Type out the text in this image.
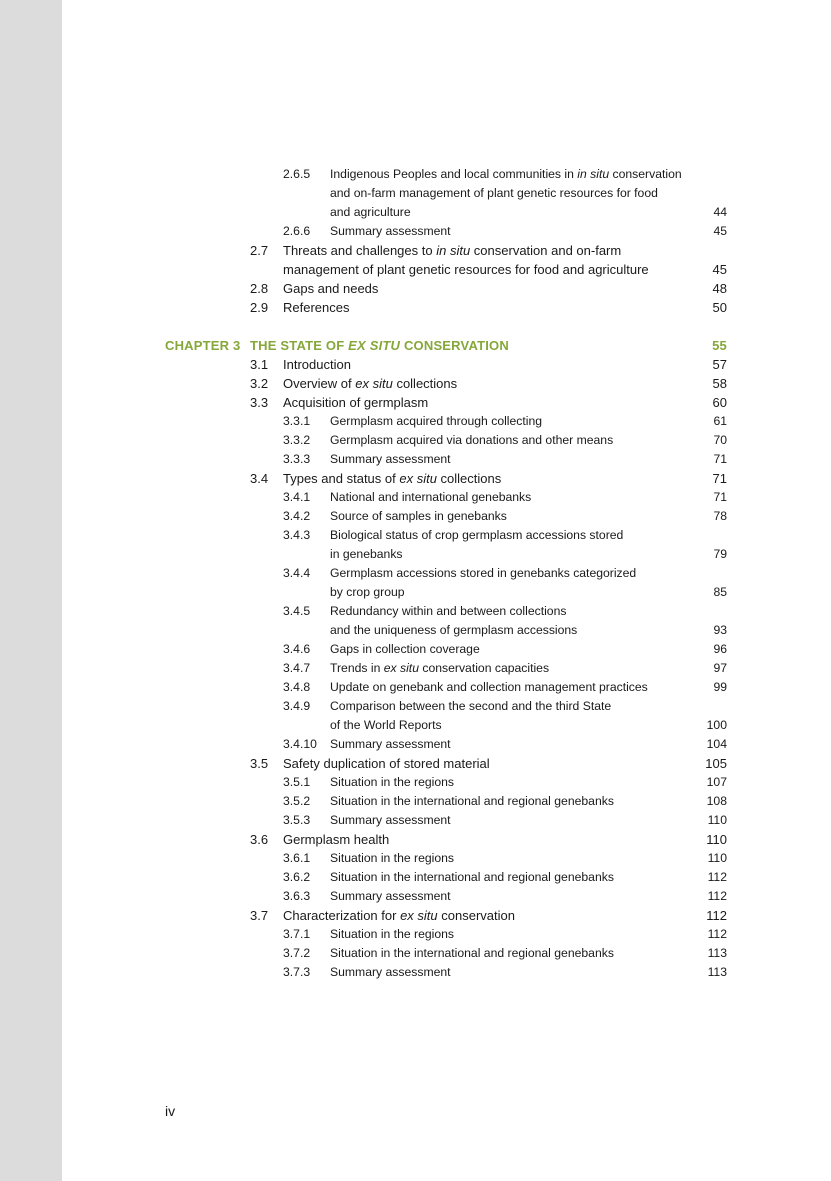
2.6.5 Indigenous Peoples and local communities in in situ conservation
and on-farm management of plant genetic resources for food
and agriculture	44
2.6.6 Summary assessment	45
2.7 Threats and challenges to in situ conservation and on-farm
management of plant genetic resources for food and agriculture	45
2.8 Gaps and needs	48
2.9 References	50
CHAPTER 3 THE STATE OF EX SITU CONSERVATION	55
3.1 Introduction	57
3.2 Overview of ex situ collections	58
3.3 Acquisition of germplasm	60
3.3.1 Germplasm acquired through collecting	61
3.3.2 Germplasm acquired via donations and other means	70
3.3.3 Summary assessment	71
3.4 Types and status of ex situ collections	71
3.4.1 National and international genebanks	71
3.4.2 Source of samples in genebanks	78
3.4.3 Biological status of crop germplasm accessions stored
in genebanks	79
3.4.4 Germplasm accessions stored in genebanks categorized
by crop group	85
3.4.5 Redundancy within and between collections
and the uniqueness of germplasm accessions	93
3.4.6 Gaps in collection coverage	96
3.4.7 Trends in ex situ conservation capacities	97
3.4.8 Update on genebank and collection management practices	99
3.4.9 Comparison between the second and the third State
of the World Reports	100
3.4.10 Summary assessment	104
3.5 Safety duplication of stored material	105
3.5.1 Situation in the regions	107
3.5.2 Situation in the international and regional genebanks	108
3.5.3 Summary assessment	110
3.6 Germplasm health	110
3.6.1 Situation in the regions	110
3.6.2 Situation in the international and regional genebanks	112
3.6.3 Summary assessment	112
3.7 Characterization for ex situ conservation	112
3.7.1 Situation in the regions	112
3.7.2 Situation in the international and regional genebanks	113
3.7.3 Summary assessment	113
iv
